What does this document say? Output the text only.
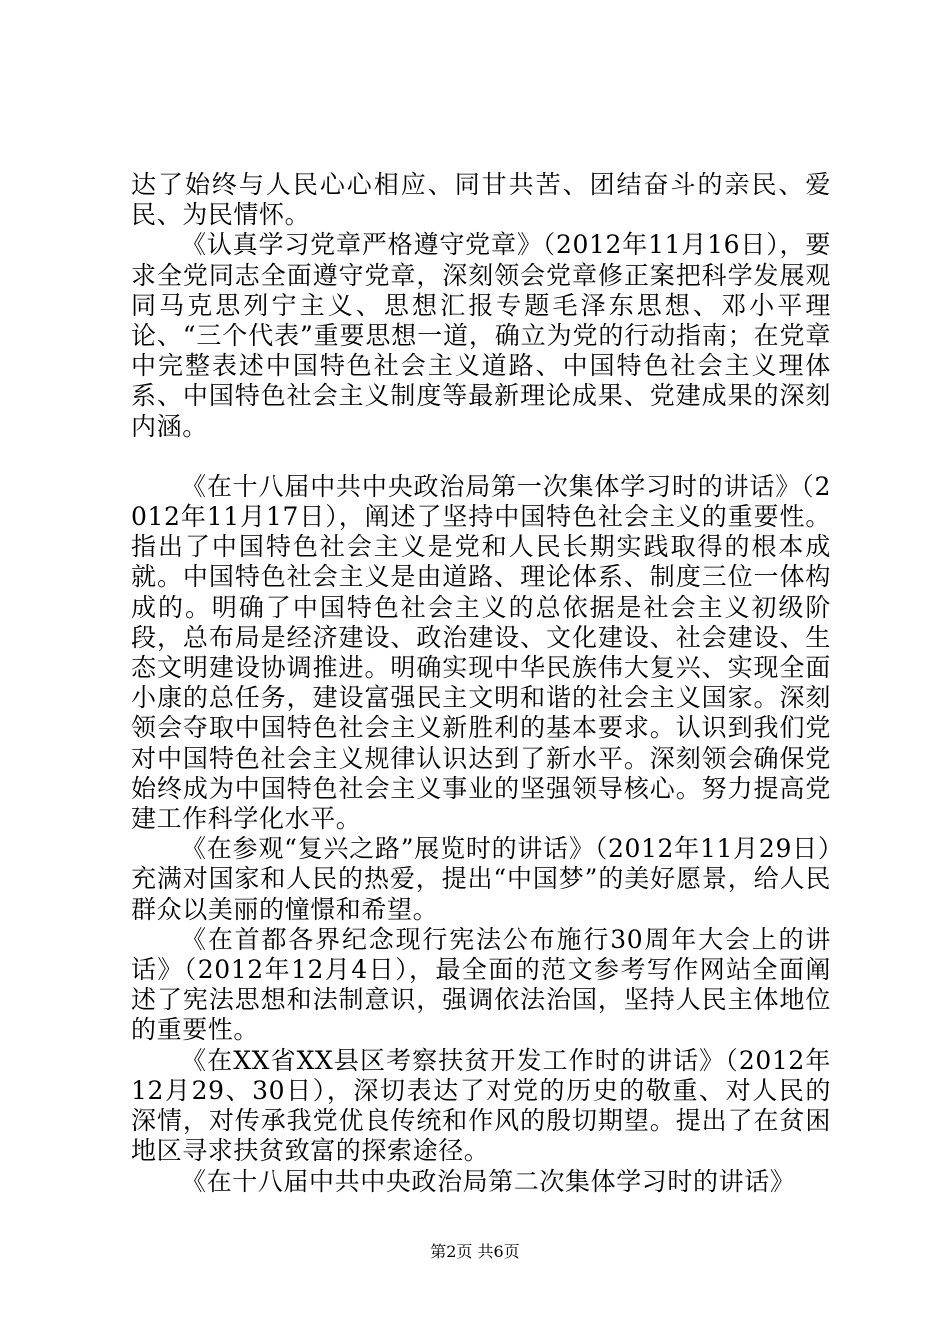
达了始终与人民心心相应、同甘共苦、团结奋斗的亲民、爱民、为民情怀。

《认真学习党章严格遵守党章》（2012年11月16日），要求全党同志全面遵守党章，深刻领会党章修正案把科学发展观同马克思列宁主义、思想汇报专题毛泽东思想、邓小平理论、“三个代表”重要思想一道，确立为党的行动指南；在党章中完整表述中国特色社会主义道路、中国特色社会主义理体系、中国特色社会主义制度等最新理论成果、党建成果的深刻内涵。

《在十八届中共中央政治局第一次集体学习时的讲话》（2012年11月17日），阐述了坚持中国特色社会主义的重要性。指出了中国特色社会主义是党和人民长期实践取得的根本成就。中国特色社会主义是由道路、理论体系、制度三位一体构成的。明确了中国特色社会主义的总依据是社会主义初级阶段，总布局是经济建设、政治建设、文化建设、社会建设、生态文明建设协调推进。明确实现中华民族伟大复兴、实现全面小康的总任务，建设富强民主文明和谐的社会主义国家。深刻领会夺取中国特色社会主义新胜利的基本要求。认识到我们党对中国特色社会主义规律认识达到了新水平。深刻领会确保党始终成为中国特色社会主义事业的坚强领导核心。努力提高党建工作科学化水平。

《在参观“复兴之路”展览时的讲话》（2012年11月29日）充满对国家和人民的热爱，提出“中国梦”的美好愿景，给人民群众以美丽的憧憬和希望。

《在首都各界纪念现行宪法公布施行30周年大会上的讲话》（2012年12月4日），最全面的范文参考写作网站全面阐述了宪法思想和法制意识，强调依法治国，坚持人民主体地位的重要性。

《在XX省XX县区考察扶贫开发工作时的讲话》（2012年12月29、30日），深切表达了对党的历史的敬重、对人民的深情，对传承我党优良传统和作风的殷切期望。提出了在贫困地区寻求扶贫致富的探索途径。

《在十八届中共中央政治局第二次集体学习时的讲话》

第2页 共6页
